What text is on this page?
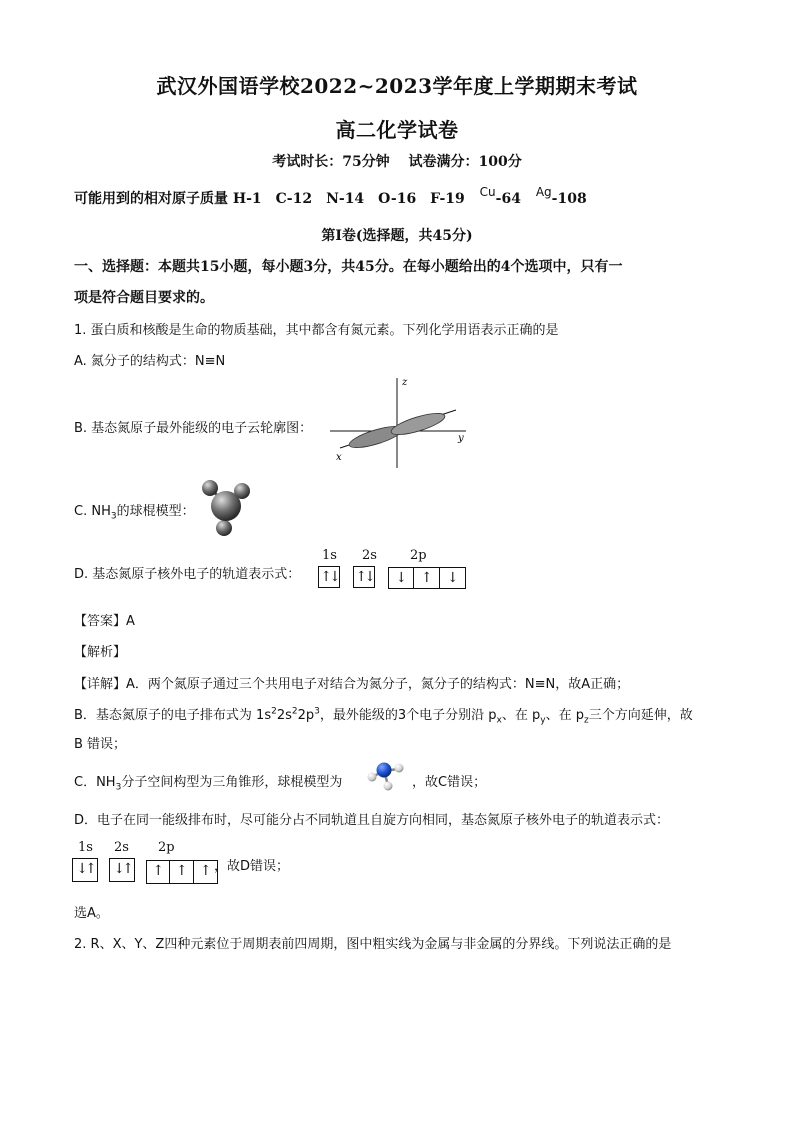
武汉外国语学校2022~2023学年度上学期期末考试
高二化学试卷
考试时长：75分钟　 试卷满分：100分
可能用到的相对原子质量 H-1　C-12　N-14　O-16　F-19 Cu-64 Ag-108
第Ⅰ卷(选择题，共45分)
一、选择题：本题共15小题，每小题3分，共45分。在每小题给出的4个选项中，只有一
项是符合题目要求的。
1. 蛋白质和核酸是生命的物质基础，其中都含有氮元素。下列化学用语表示正确的是
A. 氮分子的结构式：N≡N
B. 基态氮原子最外能级的电子云轮廓图：
z
y
x
C. $NH_3$的球棍模型：
D. 基态氮原子核外电子的轨道表示式：
1s 2s	2p
↑↓ ↑↓	↓ ↑	↓
【答案】A
【解析】
【详解】A．两个氮原子通过三个共用电子对结合为氮分子，氮分子的结构式：N≡N，故A正确；
B．基态氮原子的电子排布式为 $1s^22s^22p^3$，最外能级的3个电子分别沿 $p_x$、在 $p_y$、在 $p_z$三个方向延伸，故
B 错误；
C．$NH_3$分子空间构型为三角锥形，球棍模型为	，故C错误；
D．电子在同一能级排布时，尽可能分占不同轨道且自旋方向相同，基态氮原子核外电子的轨道表示式：
1s 2s 2p
↓↑ ↓↑	↑ ↑ ↑ ，故D错误；
选A。
2. R、X、Y、Z四种元素位于周期表前四周期，图中粗实线为金属与非金属的分界线。下列说法正确的是
